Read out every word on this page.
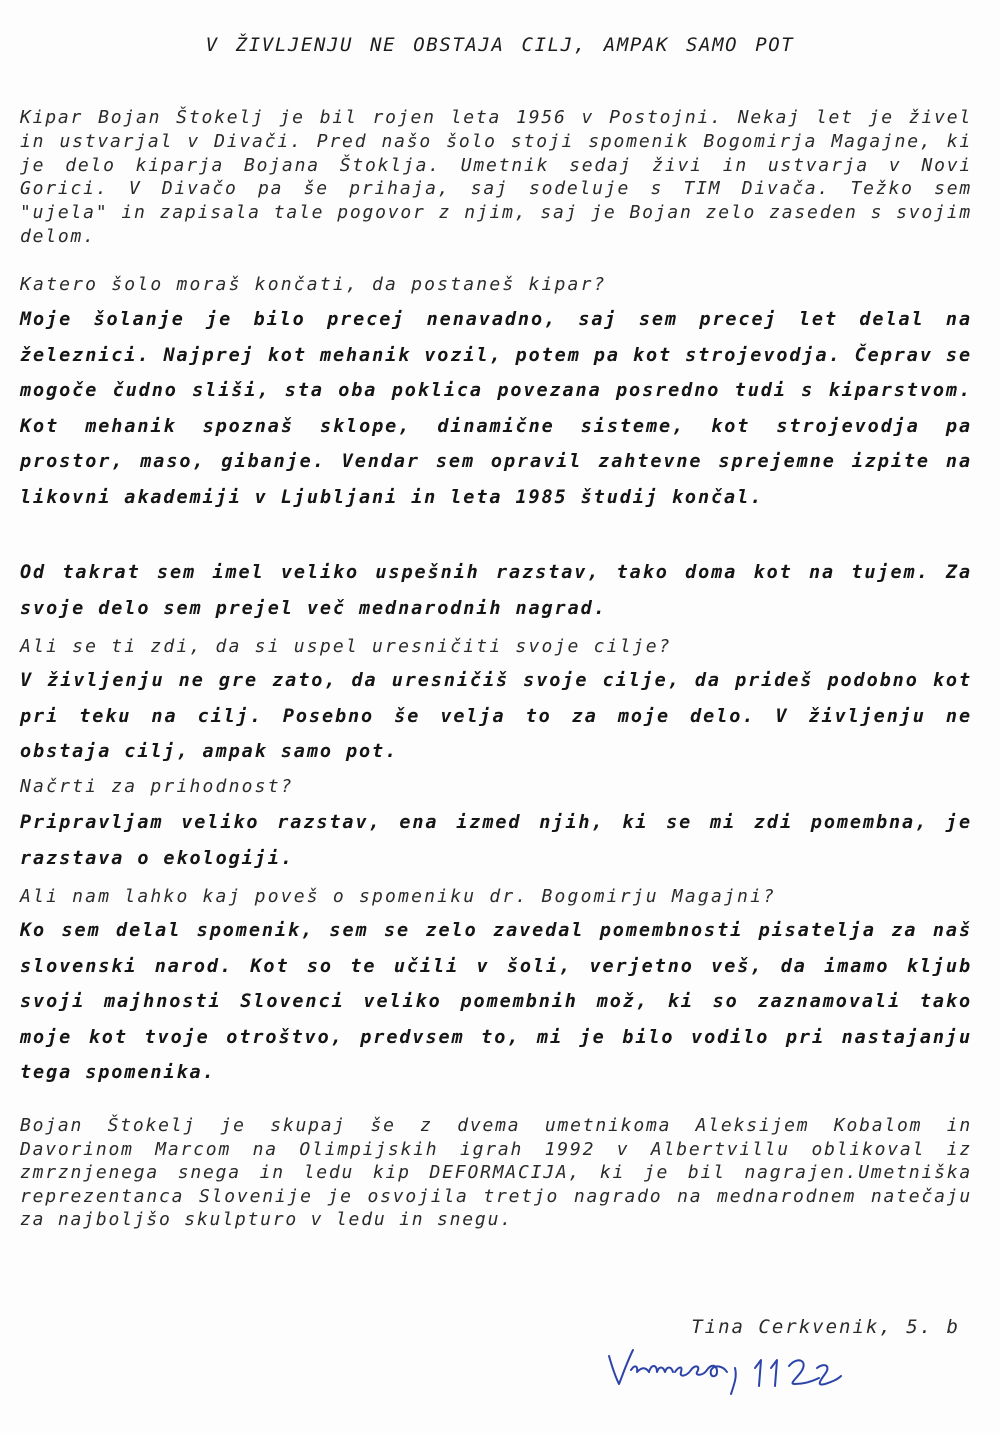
V ŽIVLJENJU NE OBSTAJA CILJ, AMPAK SAMO POT

Kipar Bojan Štokelj je bil rojen leta 1956 v Postojni. Nekaj let je živel in ustvarjal v Divači. Pred našo šolo stoji spomenik Bogomirja Magajne, ki je delo kiparja Bojana Štoklja. Umetnik sedaj živi in ustvarja v Novi Gorici. V Divačo pa še prihaja, saj sodeluje s TIM Divača. Težko sem "ujela" in zapisala tale pogovor z njim, saj je Bojan zelo zaseden s svojim delom.

Katero šolo moraš končati, da postaneš kipar?

Moje šolanje je bilo precej nenavadno, saj sem precej let delal na železnici. Najprej kot mehanik vozil, potem pa kot strojevodja. Čeprav se mogoče čudno sliši, sta oba poklica povezana posredno tudi s kiparstvom. Kot mehanik spoznaš sklope, dinamične sisteme, kot strojevodja pa prostor, maso, gibanje. Vendar sem opravil zahtevne sprejemne izpite na likovni akademiji v Ljubljani in leta 1985 študij končal.

Od takrat sem imel veliko uspešnih razstav, tako doma kot na tujem. Za svoje delo sem prejel več mednarodnih nagrad.

Ali se ti zdi, da si uspel uresničiti svoje cilje?

V življenju ne gre zato, da uresničiš svoje cilje, da prideš podobno kot pri teku na cilj. Posebno še velja to za moje delo. V življenju ne obstaja cilj, ampak samo pot.

Načrti za prihodnost?

Pripravljam veliko razstav, ena izmed njih, ki se mi zdi pomembna, je razstava o ekologiji.

Ali nam lahko kaj poveš o spomeniku dr. Bogomirju Magajni?

Ko sem delal spomenik, sem se zelo zavedal pomembnosti pisatelja za naš slovenski narod. Kot so te učili v šoli, verjetno veš, da imamo kljub svoji majhnosti Slovenci veliko pomembnih mož, ki so zaznamovali tako moje kot tvoje otroštvo, predvsem to, mi je bilo vodilo pri nastajanju tega spomenika.

Bojan Štokelj je skupaj še z dvema umetnikoma Aleksijem Kobalom in Davorinom Marcom na Olimpijskih igrah 1992 v Albertvillu oblikoval iz zmrznjenega snega in ledu kip DEFORMACIJA, ki je bil nagrajen.Umetniška reprezentanca Slovenije je osvojila tretjo nagrado na mednarodnem natečaju za najboljšo skulpturo v ledu in snegu.

Tina Cerkvenik, 5. b
